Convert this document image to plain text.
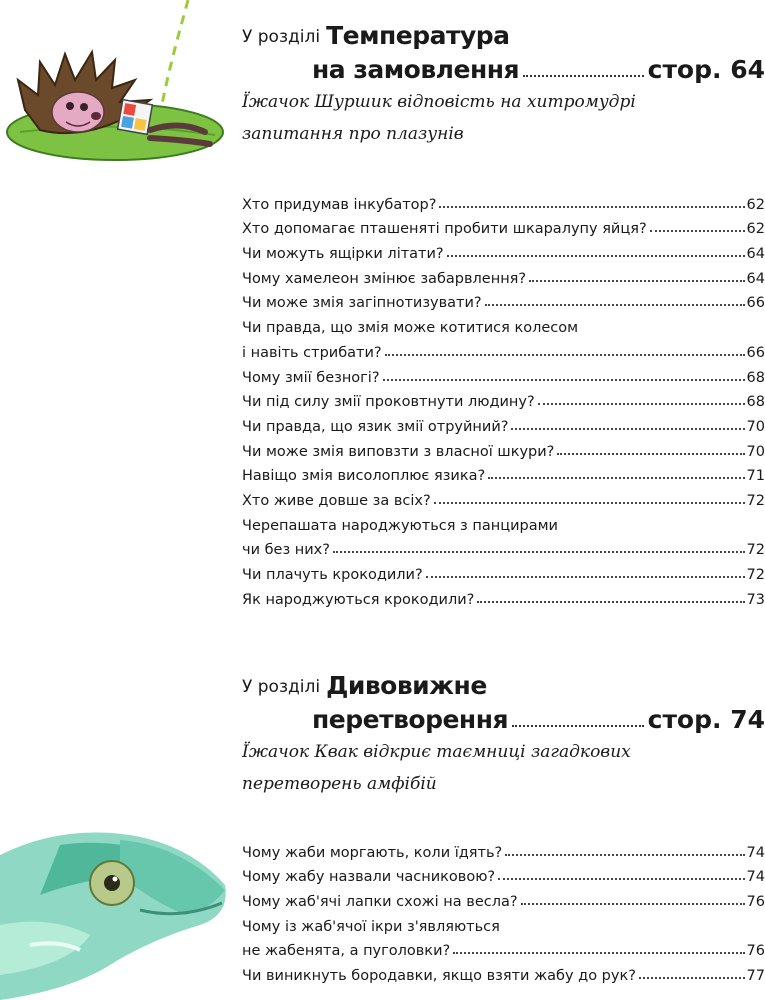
У розділі Температура
на замовлення	стор. 64
Їжачок Шуршик відповість на хитромудрі запитання про плазунів
Хто придумав інкубатор?	62
Хто допомагає пташеняті пробити шкаралупу яйця?	62
Чи можуть ящірки літати?	64
Чому хамелеон змінює забарвлення?	64
Чи може змія загіпнотизувати?	66
Чи правда, що змія може котитися колесом
і навіть стрибати?	66
Чому змії безногі?	68
Чи під силу змії проковтнути людину?	68
Чи правда, що язик змії отруйний?	70
Чи може змія виповзти з власної шкури?	70
Навіщо змія висолоплює язика?	71
Хто живе довше за всіх?	72
Черепашата народжуються з панцирами
чи без них?	72
Чи плачуть крокодили?	72
Як народжуються крокодили?	73
У розділі Дивовижне
перетворення	стор. 74
Їжачок Квак відкриє таємниці загадкових перетворень амфібій
Чому жаби моргають, коли їдять?	74
Чому жабу назвали часниковою?	74
Чому жаб'ячі лапки схожі на весла?	76
Чому із жаб'ячої ікри з'являються
не жабенята, а пуголовки?	76
Чи виникнуть бородавки, якщо взяти жабу до рук?	77
